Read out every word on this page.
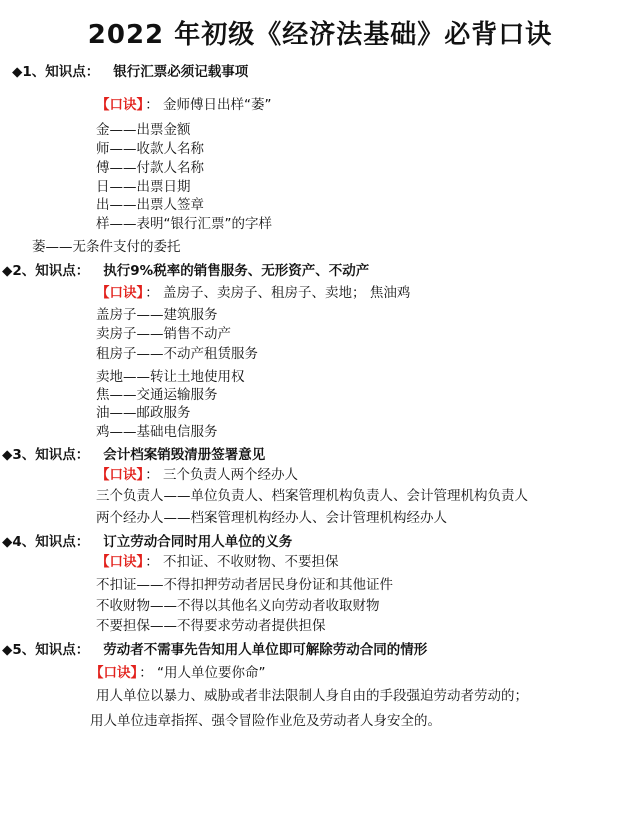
2022 年初级《经济法基础》必背口诀
◆1、知识点： 银行汇票必须记载事项
【口诀】 ： 金师傅日出样“萎”
金——出票金额
师——收款人名称
傅——付款人名称
日——出票日期
出——出票人签章
样——表明“银行汇票”的字样
萎——无条件支付的委托
◆2、知识点： 执行9%税率的销售服务、无形资产、不动产
【口诀】 ： 盖房子、卖房子、租房子、卖地； 焦油鸡
盖房子——建筑服务
卖房子——销售不动产
租房子——不动产租赁服务
卖地——转让土地使用权
焦——交通运输服务
油——邮政服务
鸡——基础电信服务
◆3、知识点： 会计档案销毁清册签署意见
【口诀】 ： 三个负责人两个经办人
三个负责人——单位负责人、档案管理机构负责人、会计管理机构负责人
两个经办人——档案管理机构经办人、会计管理机构经办人
◆4、知识点： 订立劳动合同时用人单位的义务
【口诀】 ： 不扣证、不收财物、不要担保
不扣证——不得扣押劳动者居民身份证和其他证件
不收财物——不得以其他名义向劳动者收取财物
不要担保——不得要求劳动者提供担保
◆5、知识点： 劳动者不需事先告知用人单位即可解除劳动合同的情形
【口诀】 ： “用人单位要你命”
用人单位以暴力、威胁或者非法限制人身自由的手段强迫劳动者劳动的；
用人单位违章指挥、强令冒险作业危及劳动者人身安全的。
